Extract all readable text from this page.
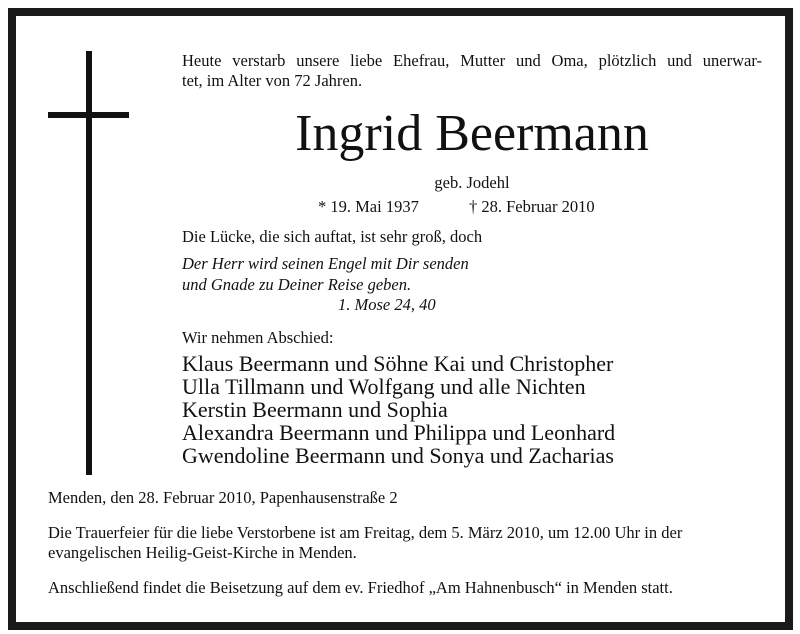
Heute verstarb unsere liebe Ehefrau, Mutter und Oma, plötzlich und unerwar-
tet, im Alter von 72 Jahren.
Ingrid Beermann
geb. Jodehl
* 19. Mai 1937	† 28. Februar 2010
Die Lücke, die sich auftat, ist sehr groß, doch
Der Herr wird seinen Engel mit Dir senden
und Gnade zu Deiner Reise geben.
1. Mose 24, 40
Wir nehmen Abschied:
Klaus Beermann und Söhne Kai und Christopher
Ulla Tillmann und Wolfgang und alle Nichten
Kerstin Beermann und Sophia
Alexandra Beermann und Philippa und Leonhard
Gwendoline Beermann und Sonya und Zacharias
Menden, den 28. Februar 2010, Papenhausenstraße 2
Die Trauerfeier für die liebe Verstorbene ist am Freitag, dem 5. März 2010, um 12.00 Uhr in der evangelischen Heilig-Geist-Kirche in Menden.
Anschließend findet die Beisetzung auf dem ev. Friedhof „Am Hahnenbusch“ in Menden statt.
